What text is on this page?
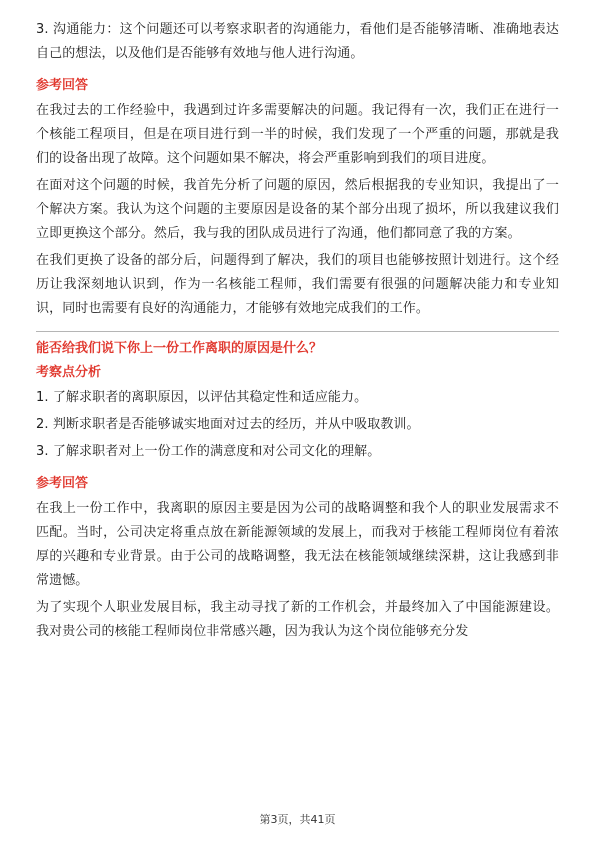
3. 沟通能力：这个问题还可以考察求职者的沟通能力，看他们是否能够清晰、准确地表达自己的想法，以及他们是否能够有效地与他人进行沟通。

参考回答

在我过去的工作经验中，我遇到过许多需要解决的问题。我记得有一次，我们正在进行一个核能工程项目，但是在项目进行到一半的时候，我们发现了一个严重的问题，那就是我们的设备出现了故障。这个问题如果不解决，将会严重影响到我们的项目进度。

在面对这个问题的时候，我首先分析了问题的原因，然后根据我的专业知识，我提出了一个解决方案。我认为这个问题的主要原因是设备的某个部分出现了损坏，所以我建议我们立即更换这个部分。然后，我与我的团队成员进行了沟通，他们都同意了我的方案。

在我们更换了设备的部分后，问题得到了解决，我们的项目也能够按照计划进行。这个经历让我深刻地认识到，作为一名核能工程师，我们需要有很强的问题解决能力和专业知识，同时也需要有良好的沟通能力，才能够有效地完成我们的工作。

能否给我们说下你上一份工作离职的原因是什么？
考察点分析

1. 了解求职者的离职原因，以评估其稳定性和适应能力。

2. 判断求职者是否能够诚实地面对过去的经历，并从中吸取教训。

3. 了解求职者对上一份工作的满意度和对公司文化的理解。

参考回答

在我上一份工作中，我离职的原因主要是因为公司的战略调整和我个人的职业发展需求不匹配。当时，公司决定将重点放在新能源领域的发展上，而我对于核能工程师岗位有着浓厚的兴趣和专业背景。由于公司的战略调整，我无法在核能领域继续深耕，这让我感到非常遗憾。

为了实现个人职业发展目标，我主动寻找了新的工作机会，并最终加入了中国能源建设。我对贵公司的核能工程师岗位非常感兴趣，因为我认为这个岗位能够充分发

第3页，共41页
